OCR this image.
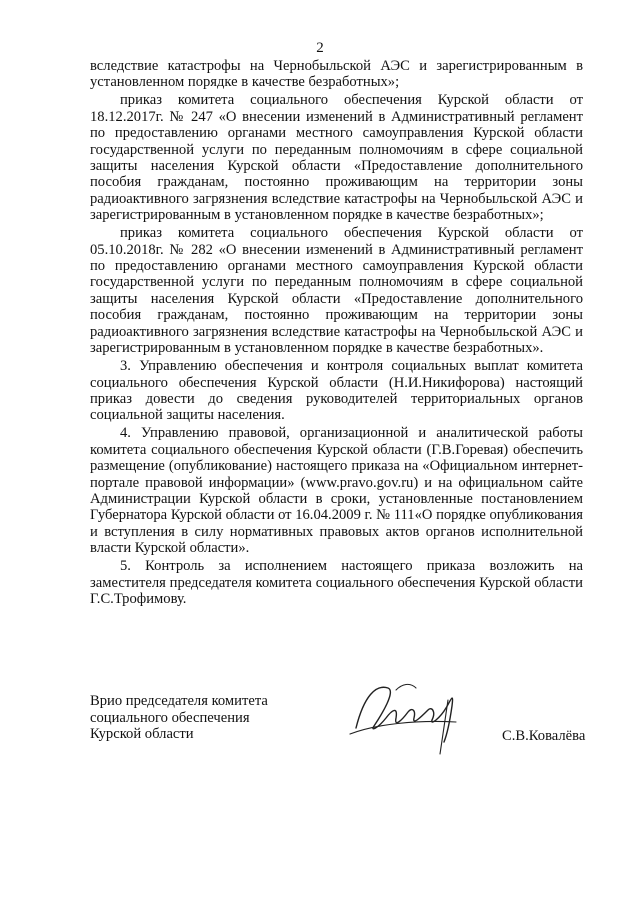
2

вследствие катастрофы на Чернобыльской АЭС и зарегистрированным в установленном порядке в качестве безработных»;

приказ комитета социального обеспечения Курской области от 18.12.2017г. № 247 «О внесении изменений в Административный регламент по предоставлению органами местного самоуправления Курской области государственной услуги по переданным полномочиям в сфере социальной защиты населения Курской области «Предоставление дополнительного пособия гражданам, постоянно проживающим на территории зоны радиоактивного загрязнения вследствие катастрофы на Чернобыльской АЭС и зарегистрированным в установленном порядке в качестве безработных»;

приказ комитета социального обеспечения Курской области от 05.10.2018г. № 282 «О внесении изменений в Административный регламент по предоставлению органами местного самоуправления Курской области государственной услуги по переданным полномочиям в сфере социальной защиты населения Курской области «Предоставление дополнительного пособия гражданам, постоянно проживающим на территории зоны радиоактивного загрязнения вследствие катастрофы на Чернобыльской АЭС и зарегистрированным в установленном порядке в качестве безработных».

3. Управлению обеспечения и контроля социальных выплат комитета социального обеспечения Курской области (Н.И.Никифорова) настоящий приказ довести до сведения руководителей территориальных органов социальной защиты населения.

4. Управлению правовой, организационной и аналитической работы комитета социального обеспечения Курской области (Г.В.Горевая) обеспечить размещение (опубликование) настоящего приказа на «Официальном интернет-портале правовой информации» (www.pravo.gov.ru) и на официальном сайте Администрации Курской области в сроки, установленные постановлением Губернатора Курской области от 16.04.2009 г. № 111«О порядке опубликования и вступления в силу нормативных правовых актов органов исполнительной власти Курской области».

5. Контроль за исполнением настоящего приказа возложить на заместителя председателя комитета социального обеспечения Курской области Г.С.Трофимову.

Врио председателя комитета
социального обеспечения
Курской области	С.В.Ковалёва
